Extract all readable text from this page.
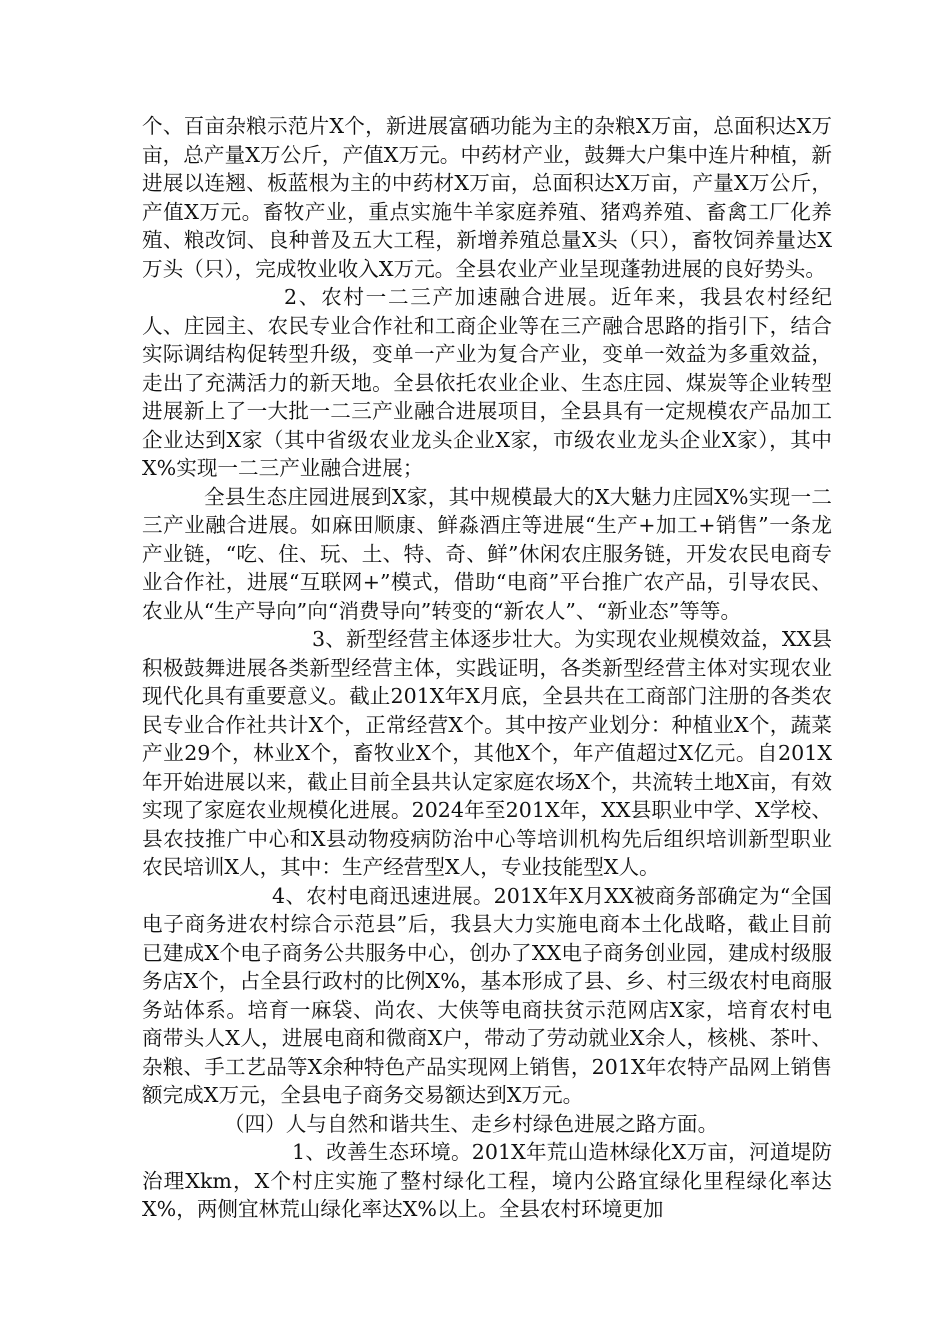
个、百亩杂粮示范片X个，新进展富硒功能为主的杂粮X万亩，总面积达X万亩，总产量X万公斤，产值X万元。中药材产业，鼓舞大户集中连片种植，新进展以连翘、板蓝根为主的中药材X万亩，总面积达X万亩，产量X万公斤，产值X万元。畜牧产业，重点实施牛羊家庭养殖、猪鸡养殖、畜禽工厂化养殖、粮改饲、良种普及五大工程，新增养殖总量X头（只），畜牧饲养量达X万头（只），完成牧业收入X万元。全县农业产业呈现蓬勃进展的良好势头。

2、农村一二三产加速融合进展。近年来，我县农村经纪人、庄园主、农民专业合作社和工商企业等在三产融合思路的指引下，结合实际调结构促转型升级，变单一产业为复合产业，变单一效益为多重效益，走出了充满活力的新天地。全县依托农业企业、生态庄园、煤炭等企业转型进展新上了一大批一二三产业融合进展项目，全县具有一定规模农产品加工企业达到X家（其中省级农业龙头企业X家，市级农业龙头企业X家），其中X%实现一二三产业融合进展；

全县生态庄园进展到X家，其中规模最大的X大魅力庄园X%实现一二三产业融合进展。如麻田顺康、鲜淼酒庄等进展“生产+加工+销售”一条龙产业链，“吃、住、玩、土、特、奇、鲜”休闲农庄服务链，开发农民电商专业合作社，进展“互联网+”模式，借助“电商”平台推广农产品，引导农民、农业从“生产导向”向“消费导向”转变的“新农人”、“新业态”等等。

3、新型经营主体逐步壮大。为实现农业规模效益，XX县积极鼓舞进展各类新型经营主体，实践证明，各类新型经营主体对实现农业现代化具有重要意义。截止201X年X月底，全县共在工商部门注册的各类农民专业合作社共计X个，正常经营X个。其中按产业划分：种植业X个，蔬菜产业29个，林业X个，畜牧业X个，其他X个，年产值超过X亿元。自201X年开始进展以来，截止目前全县共认定家庭农场X个，共流转土地X亩，有效实现了家庭农业规模化进展。2024年至201X年，XX县职业中学、X学校、县农技推广中心和X县动物疫病防治中心等培训机构先后组织培训新型职业农民培训X人，其中：生产经营型X人，专业技能型X人。

4、农村电商迅速进展。201X年X月XX被商务部确定为“全国电子商务进农村综合示范县”后，我县大力实施电商本土化战略，截止目前已建成X个电子商务公共服务中心，创办了XX电子商务创业园，建成村级服务店X个，占全县行政村的比例X%，基本形成了县、乡、村三级农村电商服务站体系。培育一麻袋、尚农、大侠等电商扶贫示范网店X家，培育农村电商带头人X人，进展电商和微商X户，带动了劳动就业X余人，核桃、茶叶、杂粮、手工艺品等X余种特色产品实现网上销售，201X年农特产品网上销售额完成X万元，全县电子商务交易额达到X万元。

（四）人与自然和谐共生、走乡村绿色进展之路方面。

1、改善生态环境。201X年荒山造林绿化X万亩，河道堤防治理Xkm，X个村庄实施了整村绿化工程，境内公路宜绿化里程绿化率达X%，两侧宜林荒山绿化率达X%以上。全县农村环境更加
